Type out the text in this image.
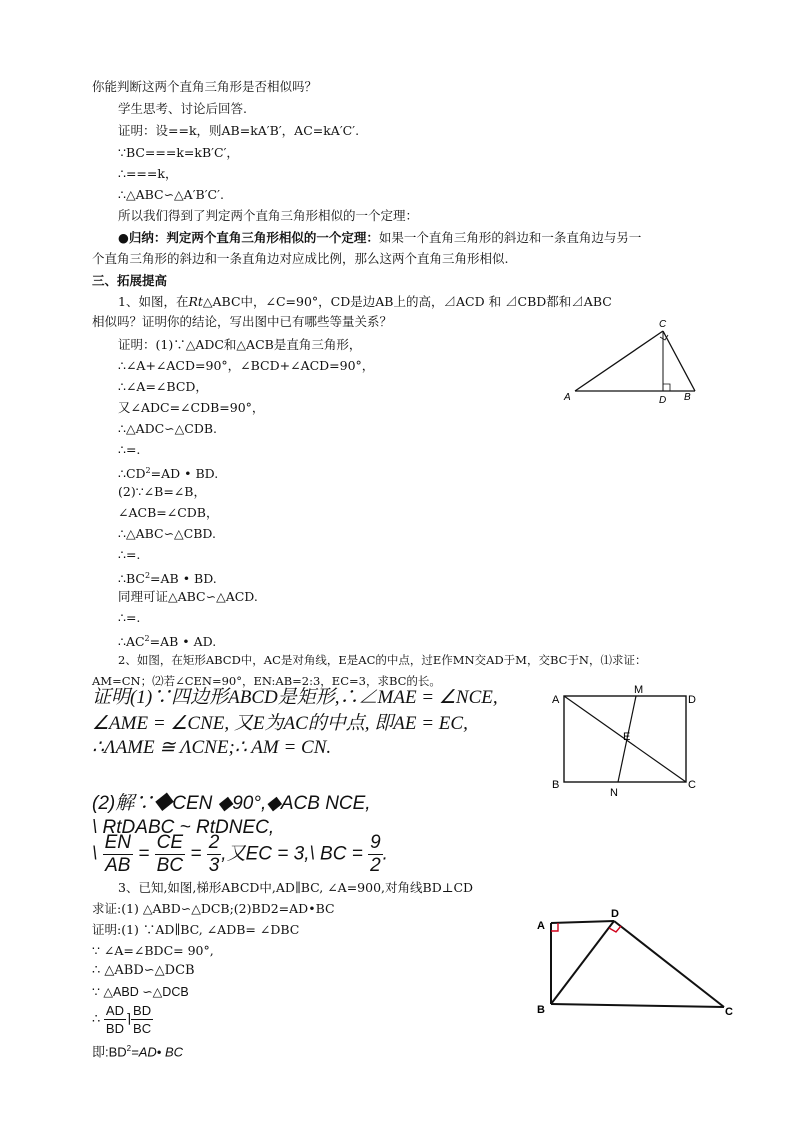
你能判断这两个直角三角形是否相似吗？
学生思考、讨论后回答.
证明：设==k，则AB=kA′B′，AC=kA′C′.
∵BC===k=kB′C′，
∴===k，
∴△ABC∽△A′B′C′.
所以我们得到了判定两个直角三角形相似的一个定理：
●归纳：判定两个直角三角形相似的一个定理：如果一个直角三角形的斜边和一条直角边与另一
个直角三角形的斜边和一条直角边对应成比例，那么这两个直角三角形相似.
三、拓展提高
1、如图，在Rt△ABC中，∠C=90°，CD是边AB上的高，⊿ACD 和 ⊿CBD都和⊿ABC
相似吗？证明你的结论，写出图中已有哪些等量关系？
证明：(1)∵△ADC和△ACB是直角三角形，
∴∠A+∠ACD=90°，∠BCD+∠ACD=90°，
∴∠A=∠BCD，
又∠ADC=∠CDB=90°，
∴△ADC∽△CDB.
∴=.
$\therefore CD^2=AD$ • BD.
(2)∵∠B=∠B，
∠ACB=∠CDB，
∴△ABC∽△CBD.
∴=.
$\therefore BC^2=AB$ • BD.
同理可证△ABC∽△ACD.
∴=.
$\therefore AC^2=AB$ • AD.
2、如图，在矩形ABCD中，AC是对角线，E是AC的中点，过E作MN交AD于M，交BC于N，⑴求证：
AM=CN；⑵若∠CEN=90°，EN:AB=2:3，EC=3，求BC的长。
证明(1)∵四边形ABCD是矩形,∴∠MAE = ∠NCE,
∠AME = ∠CNE, 又E为AC的中点, 即AE = EC,
∴ΛAME ≅ ΛCNE;∴ AM = CN.
(2)解∵◆CEN ◆90°,◆ACB NCE,
\ RtDABC ~ RtDNEC,
\ $\frac{EN}{AB} = \frac{CE}{BC} = \frac{2}{3}$ ,又EC = 3,\ BC = $\frac{9}{2}$ .
3、已知,如图,梯形ABCD中,AD∥BC, ∠A=900,对角线BD⊥CD
求证:(1) △ABD∽△DCB;(2)BD2=AD•BC
证明:(1) ∵AD∥BC, ∠ADB= ∠DBC
∵ ∠A=∠BDC= 90°,
∴ △ABD∽△DCB
∵ △ABD ∽△DCB
∴ $\frac{AD}{BD}$ ⌉ $\frac{BD}{BC}$
即$:BD^2=AD•$ BC
A	D B
C
A
M
D
E
B
N
C
A
D
B	C
